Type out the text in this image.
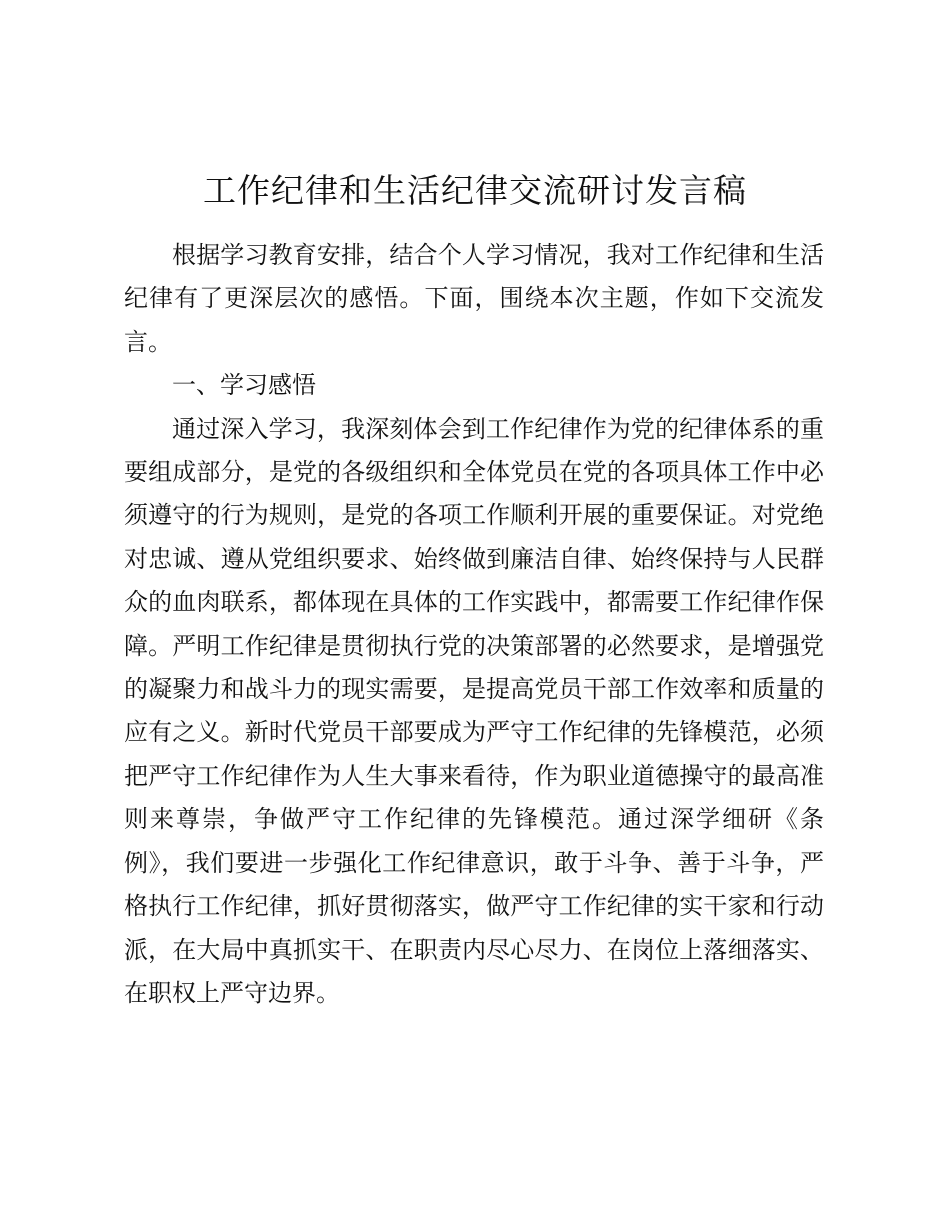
工作纪律和生活纪律交流研讨发言稿

根据学习教育安排，结合个人学习情况，我对工作纪律和生活纪律有了更深层次的感悟。下面，围绕本次主题，作如下交流发言。

一、学习感悟

通过深入学习，我深刻体会到工作纪律作为党的纪律体系的重要组成部分，是党的各级组织和全体党员在党的各项具体工作中必须遵守的行为规则，是党的各项工作顺利开展的重要保证。对党绝对忠诚、遵从党组织要求、始终做到廉洁自律、始终保持与人民群众的血肉联系，都体现在具体的工作实践中，都需要工作纪律作保障。严明工作纪律是贯彻执行党的决策部署的必然要求，是增强党的凝聚力和战斗力的现实需要，是提高党员干部工作效率和质量的应有之义。新时代党员干部要成为严守工作纪律的先锋模范，必须把严守工作纪律作为人生大事来看待，作为职业道德操守的最高准则来尊崇，争做严守工作纪律的先锋模范。通过深学细研《条例》，我们要进一步强化工作纪律意识，敢于斗争、善于斗争，严格执行工作纪律，抓好贯彻落实，做严守工作纪律的实干家和行动派，在大局中真抓实干、在职责内尽心尽力、在岗位上落细落实、在职权上严守边界。
